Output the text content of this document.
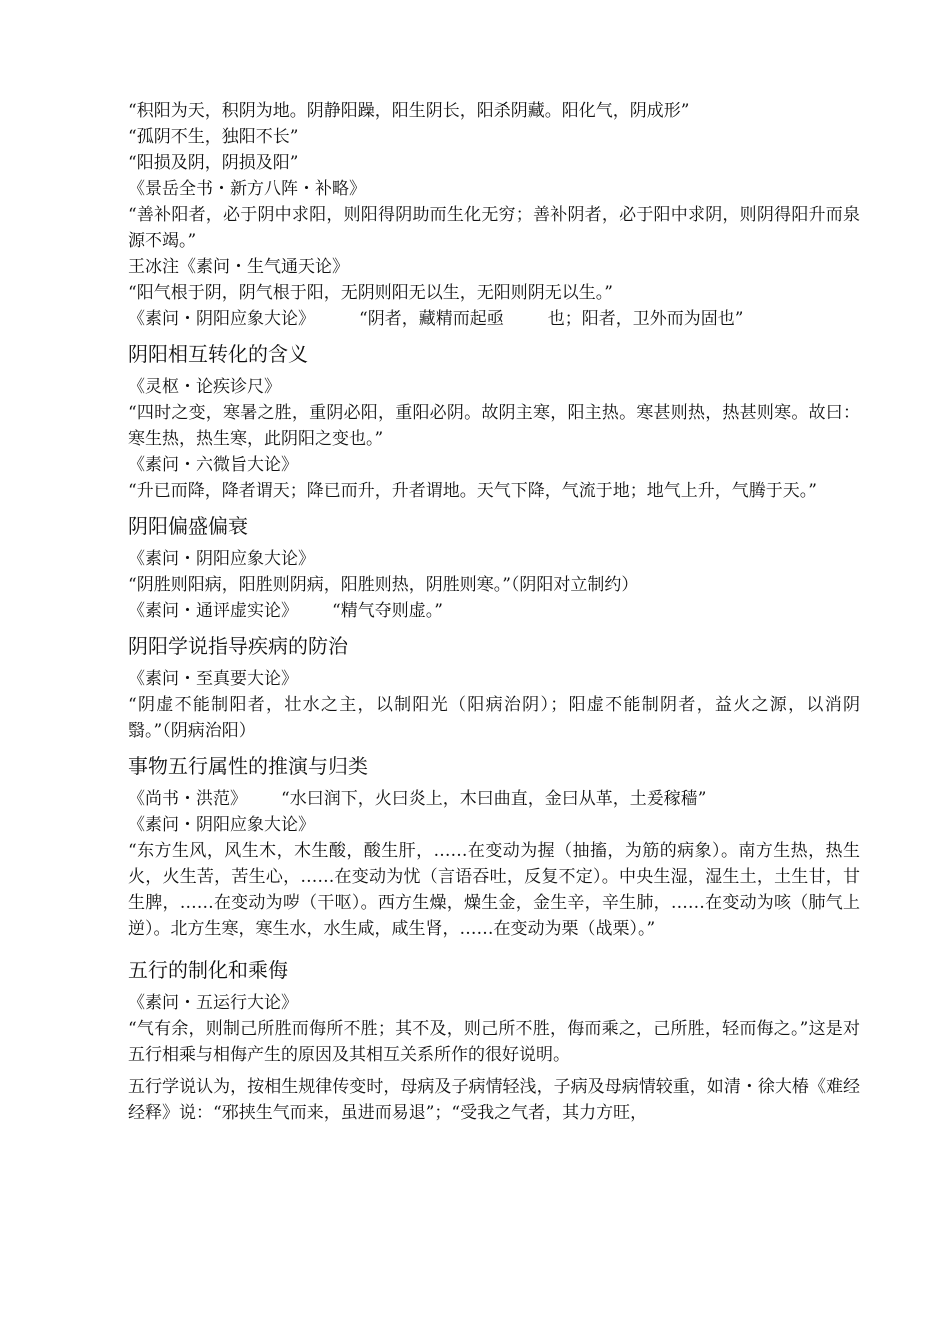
“积阳为天，积阴为地。阴静阳躁，阳生阴长，阳杀阴藏。阳化气，阴成形”
“孤阴不生，独阳不长”
“阳损及阴，阴损及阳”
《景岳全书・新方八阵・补略》
“善补阳者，必于阴中求阳，则阳得阴助而生化无穷；善补阴者，必于阳中求阴，则阴得阳升而泉源不竭。”
王冰注《素问・生气通天论》
“阳气根于阴，阴气根于阳，无阴则阳无以生，无阳则阴无以生。”
《素问・阴阳应象大论》	“阴者，藏精而起亟	也；阳者，卫外而为固也”
阴阳相互转化的含义
《灵枢・论疾诊尺》
“四时之变，寒暑之胜，重阴必阳，重阳必阴。故阴主寒，阳主热。寒甚则热，热甚则寒。故曰：寒生热，热生寒，此阴阳之变也。”
《素问・六微旨大论》
“升已而降，降者谓天；降已而升，升者谓地。天气下降，气流于地；地气上升，气腾于天。”
阴阳偏盛偏衰
《素问・阴阳应象大论》
“阴胜则阳病，阳胜则阴病，阳胜则热，阴胜则寒。”（阴阳对立制约）
《素问・通评虚实论》 “精气夺则虚。”
阴阳学说指导疾病的防治
《素问・至真要大论》
“阴虚不能制阳者，壮水之主，以制阳光（阳病治阴）；阳虚不能制阴者，益火之源，以消阴翳。”（阴病治阳）
事物五行属性的推演与归类
《尚书・洪范》 “水曰润下，火曰炎上，木曰曲直，金曰从革，土爰稼穑”
《素问・阴阳应象大论》
“东方生风，风生木，木生酸，酸生肝，……在变动为握（抽搐，为筋的病象）。南方生热，热生火，火生苦，苦生心，……在变动为忧（言语吞吐，反复不定）。中央生湿，湿生土，土生甘，甘生脾，……在变动为哕（干呕）。西方生燥，燥生金，金生辛，辛生肺，……在变动为咳（肺气上逆）。北方生寒，寒生水，水生咸，咸生肾，……在变动为栗（战栗）。”
五行的制化和乘侮
《素问・五运行大论》
“气有余，则制己所胜而侮所不胜；其不及，则己所不胜，侮而乘之，己所胜，轻而侮之。”这是对五行相乘与相侮产生的原因及其相互关系所作的很好说明。
五行学说认为，按相生规律传变时，母病及子病情轻浅，子病及母病情较重，如清・徐大椿《难经经释》说：“邪挟生气而来，虽进而易退”；“受我之气者，其力方旺，
